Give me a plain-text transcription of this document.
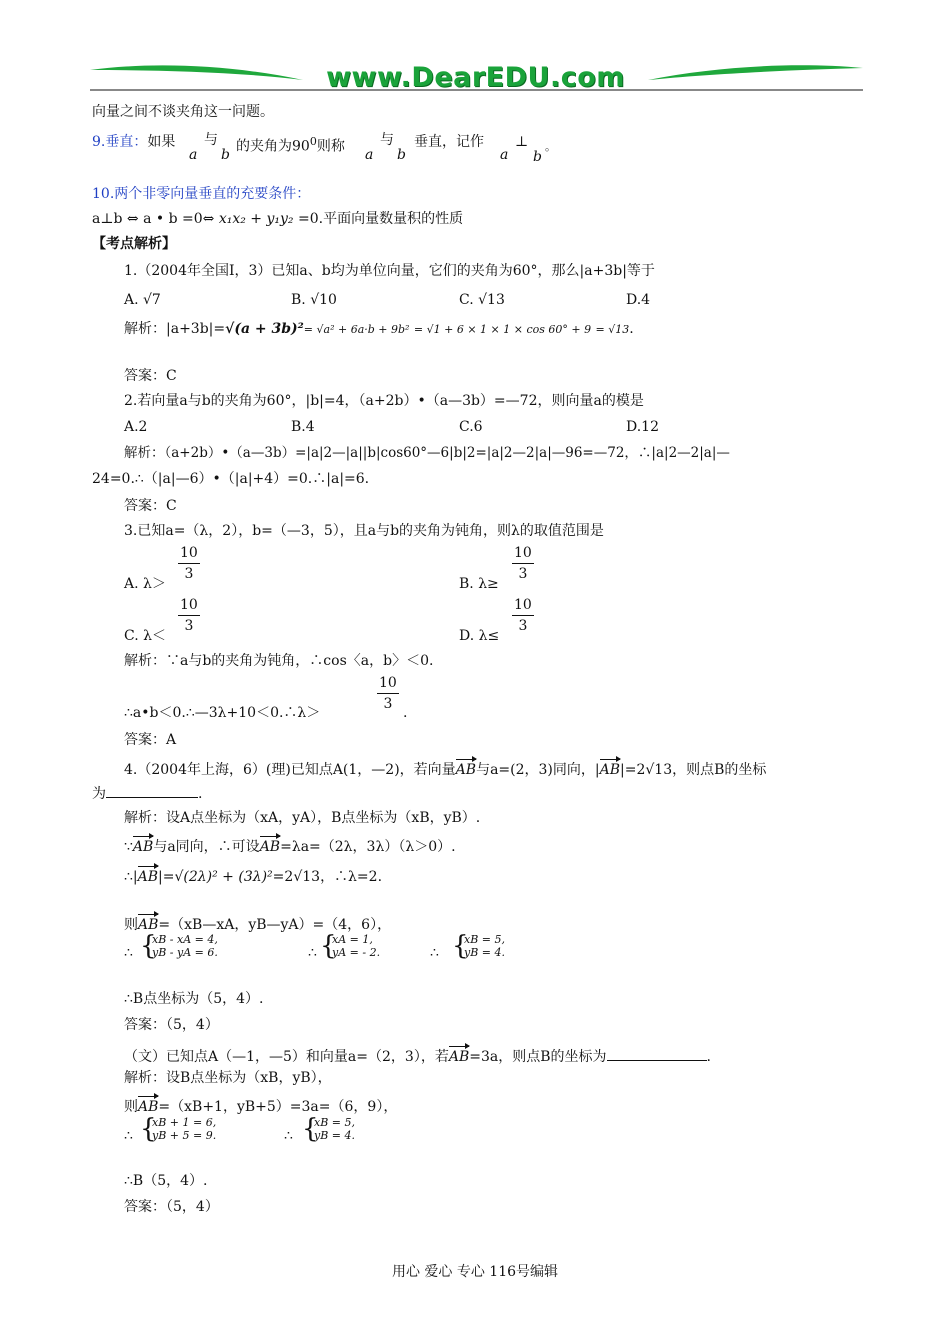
www.DearEDU.com
向量之间不谈夹角这一问题。
9.垂直：如果
a
与
b
的夹角为$90^0$则称
a
与
b
垂直，记作
a
⊥
b
。
10.两个非零向量垂直的充要条件：
a⊥b ⇔ a • b =0⇔ x₁x₂ + y₁y₂ =0.平面向量数量积的性质
【考点解析】
1.（2004年全国Ⅰ，3）已知a、b均为单位向量，它们的夹角为60°，那么|a+3b|等于
A. √7	B. √10	C. √13	D.4
解析：|a+3b|=√(a + 3b)²= √a² + 6a·b + 9b² = √1 + 6 × 1 × 1 × cos 60° + 9 = √13.
答案：C
2.若向量a与b的夹角为60°，|b|=4，（a+2b）•（a—3b）=—72，则向量a的模是
A.2	B.4	C.6	D.12
解析：（a+2b）•（a—3b）=|a|2—|a||b|cos60°—6|b|2=|a|2—2|a|—96=—72，∴|a|2—2|a|—
24=0.∴（|a|—6）•（|a|+4）=0.∴|a|=6.
答案：C
3.已知a=（λ，2），b=（—3，5），且a与b的夹角为钝角，则λ的取值范围是
A. λ＞
10
3
B. λ≥
10
3
C. λ＜
10
3
D. λ≤
10
3
解析：∵a与b的夹角为钝角，∴cos〈a，b〉＜0.
∴a•b＜0.∴—3λ+10＜0.∴λ＞
10
3
.
答案：A
4.（2004年上海，6）(理)已知点A(1，—2)，若向量AB与a=(2，3)同向，|AB|=2√13，则点B的坐标
为	.
解析：设A点坐标为（xA，yA），B点坐标为（xB，yB）.
∵AB与a同向，∴可设AB=λa=（2λ，3λ）（λ＞0）.
∴|AB|=√(2λ)² + (3λ)²=2√13，∴λ=2.
则AB=（xB—xA，yB—yA）=（4，6），
∴ {
xB - xA = 4,
yB - yA = 6.	∴ {
xA = 1,
yA = - 2.	∴ {
xB = 5,
yB = 4.
∴B点坐标为（5，4）.
答案：（5，4）
（文）已知点A（—1，—5）和向量a=（2，3），若AB=3a，则点B的坐标为	.
解析：设B点坐标为（xB，yB），
则AB=（xB+1，yB+5）=3a=（6，9），
∴ {
xB + 1 = 6,
yB + 5 = 9.	∴ {
xB = 5,
yB = 4.
∴B（5，4）.
答案：（5，4）
用心 爱心 专心 116号编辑
